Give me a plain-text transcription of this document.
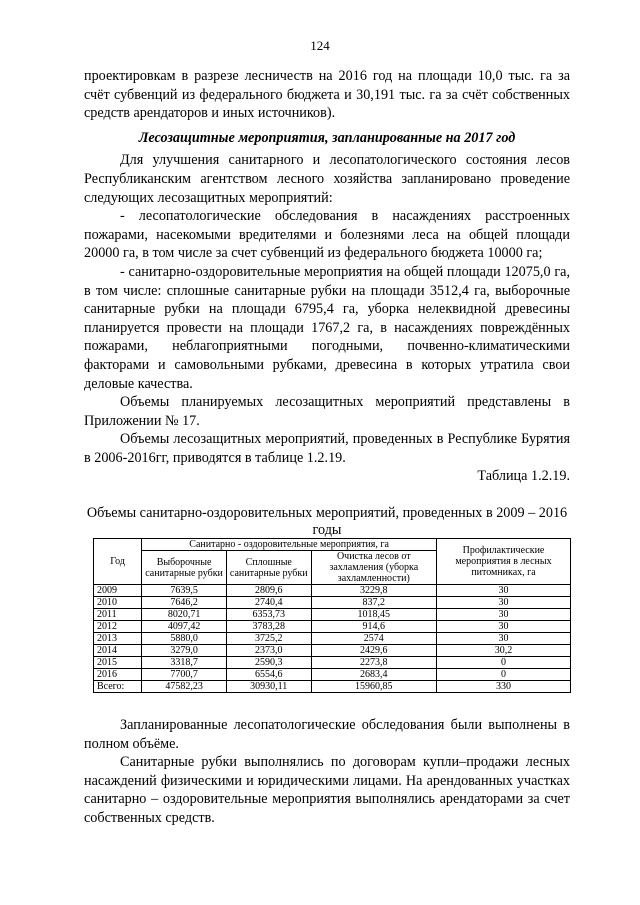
124

проектировкам в разрезе лесничеств на 2016 год на площади 10,0 тыс. га за счёт субвенций из федерального бюджета и 30,191 тыс. га за счёт собственных средств арендаторов и иных источников).

Лесозащитные мероприятия, запланированные на 2017 год

Для улучшения санитарного и лесопатологического состояния лесов Республиканским агентством лесного хозяйства запланировано проведение следующих лесозащитных мероприятий:

- лесопатологические обследования в насаждениях расстроенных пожарами, насекомыми вредителями и болезнями леса на общей площади 20000 га, в том числе за счет субвенций из федерального бюджета 10000 га;

- санитарно-оздоровительные мероприятия на общей площади 12075,0 га, в том числе: сплошные санитарные рубки на площади 3512,4 га, выборочные санитарные рубки на площади 6795,4 га, уборка нелеквидной древесины планируется провести на площади 1767,2 га, в насаждениях повреждённых пожарами, неблагоприятными погодными, почвенно-климатическими факторами и самовольными рубками, древесина в которых утратила свои деловые качества.

Объемы планируемых лесозащитных мероприятий представлены в Приложении № 17.

Объемы лесозащитных мероприятий, проведенных в Республике Бурятия в 2006-2016гг, приводятся в таблице 1.2.19.

Таблица 1.2.19.

Объемы санитарно-оздоровительных мероприятий, проведенных в 2009 – 2016 годы
Год	Санитарно - оздоровительные мероприятия, га			Профилактические мероприятия в лесных питомниках, га
	Выборочные санитарные рубки	Сплошные санитарные рубки	Очистка лесов от захламления (уборка захламленности)	
2009	7639,5	2809,6	3229,8	30
2010	7646,2	2740,4	837,2	30
2011	8020,71	6353,73	1018,45	30
2012	4097,42	3783,28	914,6	30
2013	5880,0	3725,2	2574	30
2014	3279,0	2373,0	2429,6	30,2
2015	3318,7	2590,3	2273,8	0
2016	7700,7	6554,6	2683,4	0
Всего:	47582,23	30930,11	15960,85	330

Запланированные лесопатологические обследования были выполнены в полном объёме.

Санитарные рубки выполнялись по договорам купли–продажи лесных насаждений физическими и юридическими лицами. На арендованных участках санитарно – оздоровительные мероприятия выполнялись арендаторами за счет собственных средств.
